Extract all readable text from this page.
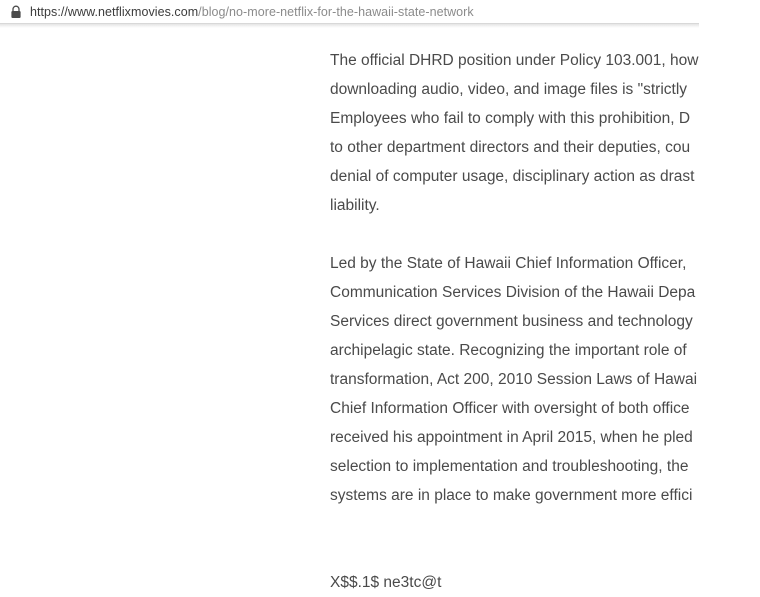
https://www.netflixmovies.com/blog/no-more-netflix-for-the-hawaii-state-network
The official DHRD position under Policy 103.001, how
downloading audio, video, and image files is "strictly
Employees who fail to comply with this prohibition, D
to other department directors and their deputies, cou
denial of computer usage, disciplinary action as drast
liability.
Led by the State of Hawaii Chief Information Officer,
Communication Services Division of the Hawaii Depa
Services direct government business and technology
archipelagic state. Recognizing the important role of
transformation, Act 200, 2010 Session Laws of Hawai
Chief Information Officer with oversight of both office
received his appointment in April 2015, when he pled
selection to implementation and troubleshooting, the
systems are in place to make government more effici
X$$.1$ ne3tc@t
